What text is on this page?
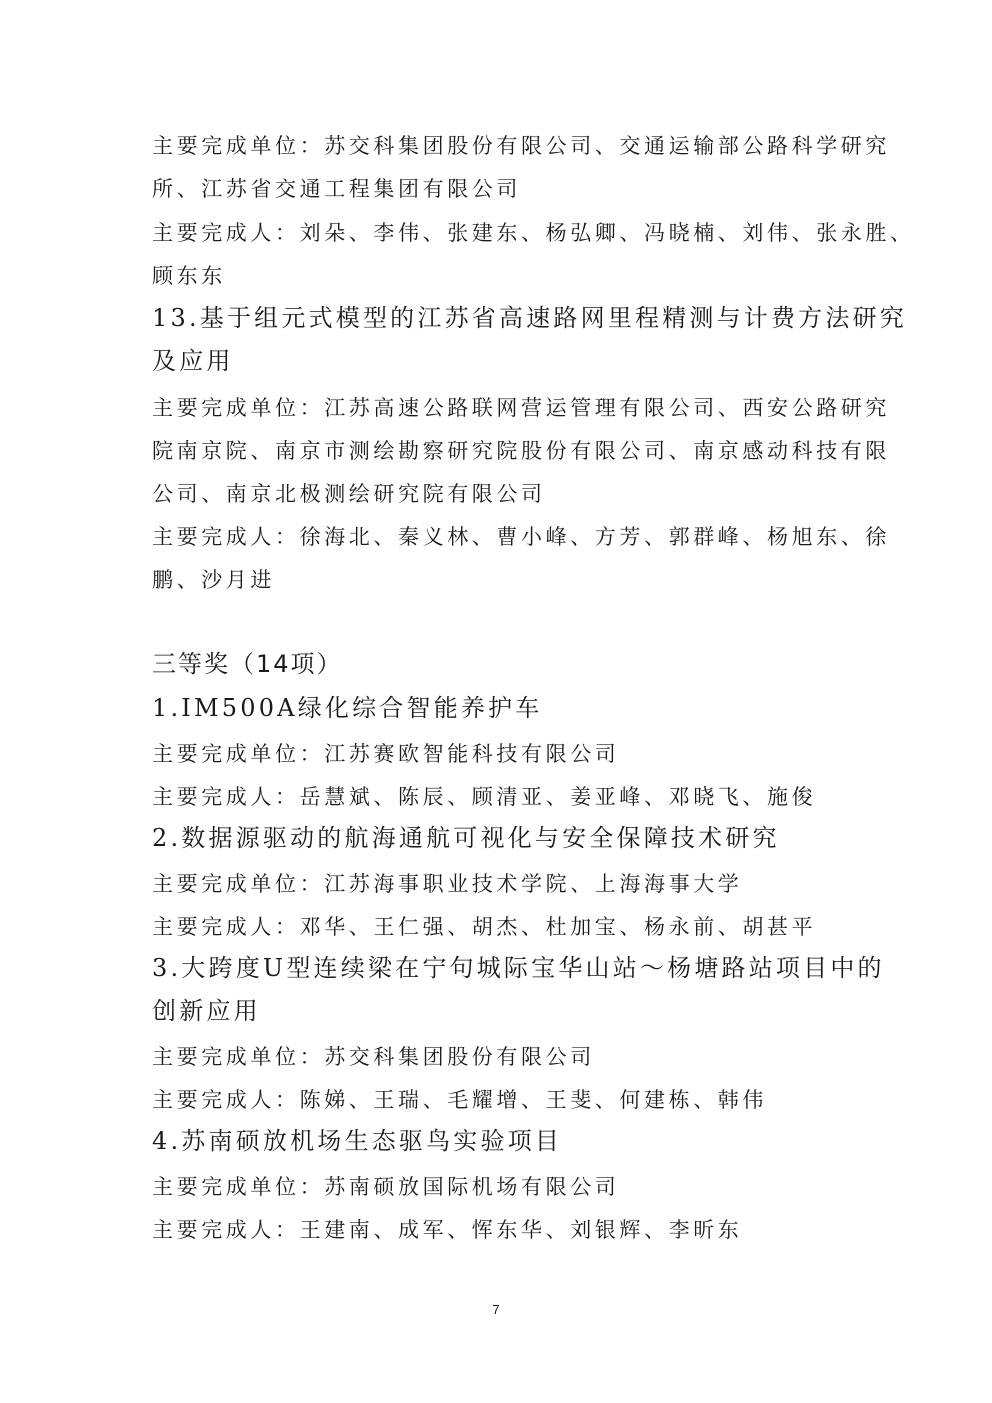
主要完成单位：苏交科集团股份有限公司、交通运输部公路科学研究
所、江苏省交通工程集团有限公司
主要完成人：刘朵、李伟、张建东、杨弘卿、冯晓楠、刘伟、张永胜、
顾东东
13.基于组元式模型的江苏省高速路网里程精测与计费方法研究
及应用
主要完成单位：江苏高速公路联网营运管理有限公司、西安公路研究
院南京院、南京市测绘勘察研究院股份有限公司、南京感动科技有限
公司、南京北极测绘研究院有限公司
主要完成人：徐海北、秦义林、曹小峰、方芳、郭群峰、杨旭东、徐
鹏、沙月进
三等奖（14项）
1.IM500A绿化综合智能养护车
主要完成单位：江苏赛欧智能科技有限公司
主要完成人：岳慧斌、陈辰、顾清亚、姜亚峰、邓晓飞、施俊
2.数据源驱动的航海通航可视化与安全保障技术研究
主要完成单位：江苏海事职业技术学院、上海海事大学
主要完成人：邓华、王仁强、胡杰、杜加宝、杨永前、胡甚平
3.大跨度U型连续梁在宁句城际宝华山站～杨塘路站项目中的
创新应用
主要完成单位：苏交科集团股份有限公司
主要完成人：陈娣、王瑞、毛耀增、王斐、何建栋、韩伟
4.苏南硕放机场生态驱鸟实验项目
主要完成单位：苏南硕放国际机场有限公司
主要完成人：王建南、成军、恽东华、刘银辉、李昕东
7
